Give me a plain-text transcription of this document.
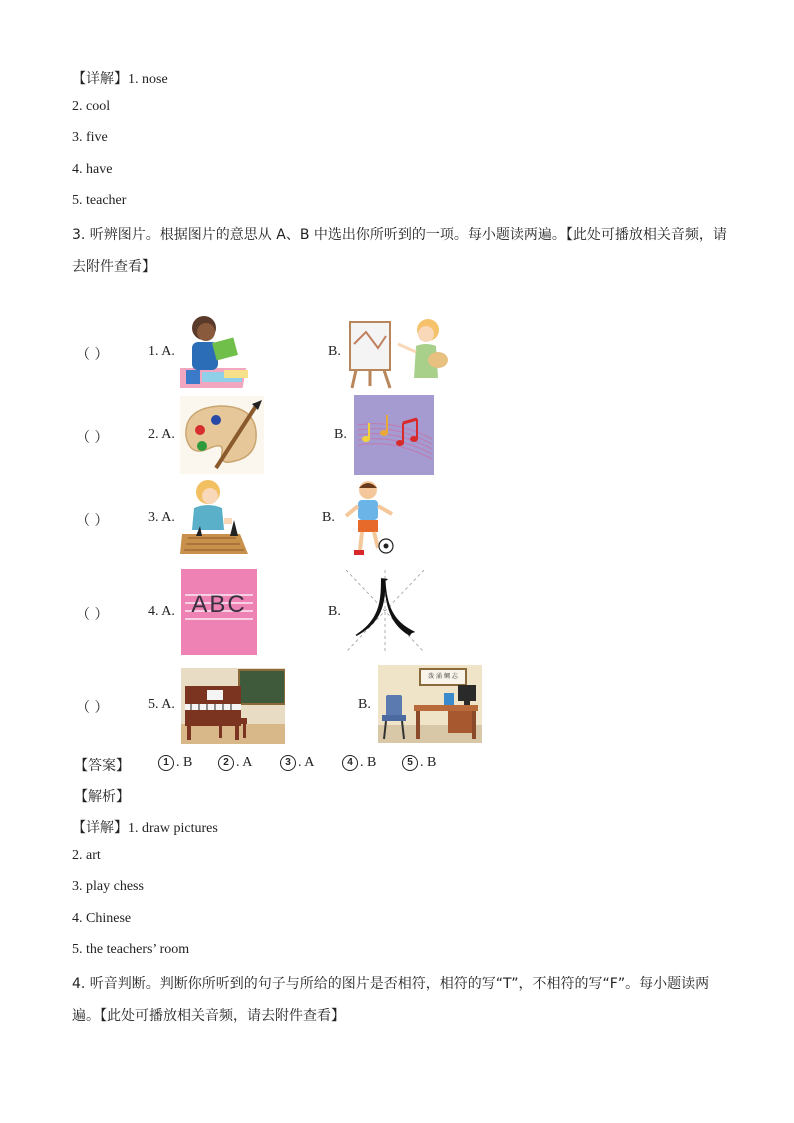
【详解】1. nose
2. cool
3. five
4. have
5. teacher
3. 听辨图片。根据图片的意思从 A、B 中选出你所听到的一项。每小题读两遍。【此处可播放相关音频，请
去附件查看】
（ ）	1. A.	B.
（ ）	2. A.	B.
（ ）	3. A.	B.
（ ）	4. A. ABC	B. 人
（ ）	5. A.	B.
泼 涌 鲷 志
【答案】	1 . B	2 . A	3 . A	4 . B	5 . B
【解析】
【详解】1. draw pictures
2. art
3. play chess
4. Chinese
5. the teachers’ room
4. 听音判断。判断你所听到的句子与所给的图片是否相符，相符的写“T”，不相符的写“F”。每小题读两
遍。【此处可播放相关音频，请去附件查看】
